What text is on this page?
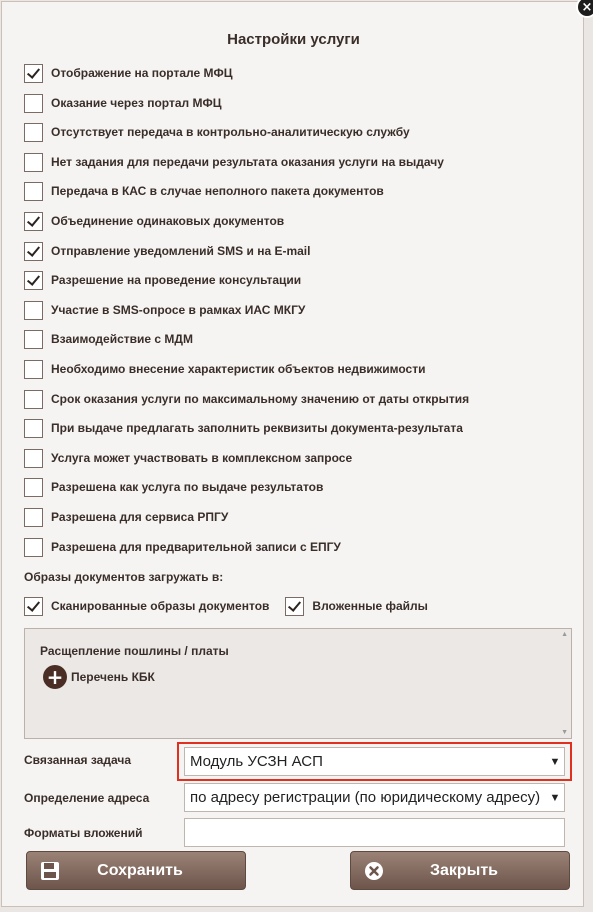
×
Настройки услуги
Отображение на портале МФЦ
Оказание через портал МФЦ
Отсутствует передача в контрольно-аналитическую службу
Нет задания для передачи результата оказания услуги на выдачу
Передача в КАС в случае неполного пакета документов
Объединение одинаковых документов
Отправление уведомлений SMS и на E-mail
Разрешение на проведение консультации
Участие в SMS-опросе в рамках ИАС МКГУ
Взаимодействие с МДМ
Необходимо внесение характеристик объектов недвижимости
Срок оказания услуги по максимальному значению от даты открытия
При выдаче предлагать заполнить реквизиты документа-результата
Услуга может участвовать в комплексном запросе
Разрешена как услуга по выдаче результатов
Разрешена для сервиса РПГУ
Разрешена для предварительной записи с ЕПГУ
Образы документов загружать в:
Сканированные образы документов	Вложенные файлы
Расщепление пошлины / платы
+ Перечень КБК
▲
▼
Связанная задача	Модуль УСЗН АСП	▼
Определение адреса	по адресу регистрации (по юридическому адресу) ▼
Форматы вложений
Сохранить	Закрыть
